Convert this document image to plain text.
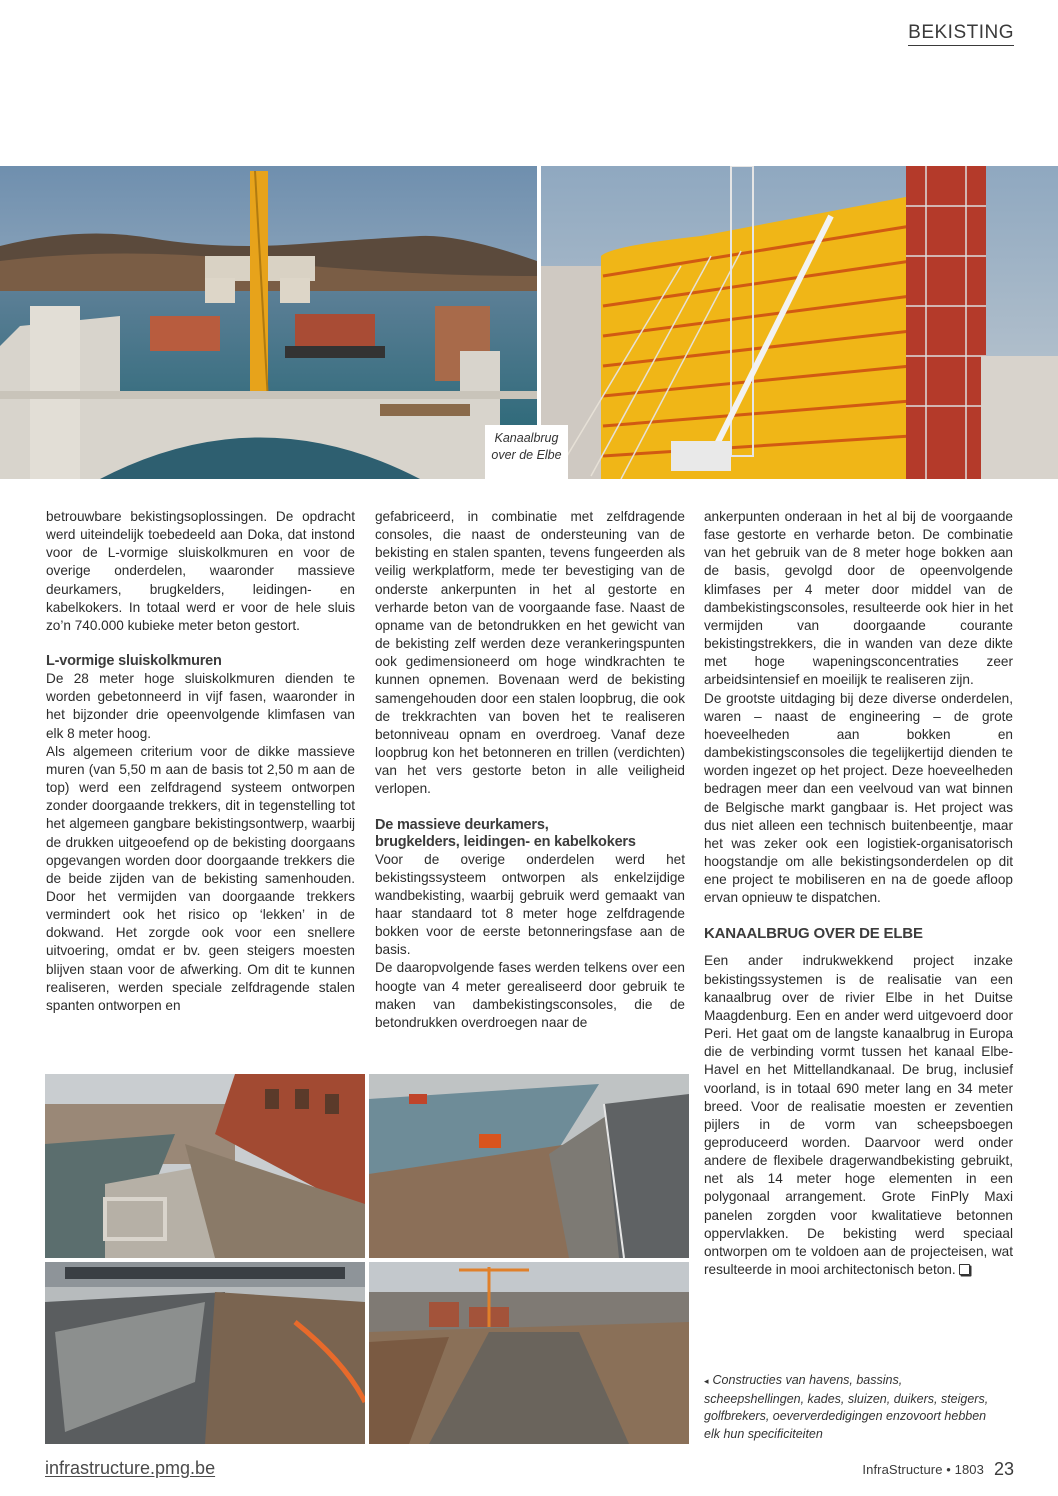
BEKISTING
Kanaalbrug
over de Elbe

betrouwbare bekistingsoplossingen. De opdracht werd uiteindelijk toebedeeld aan Doka, dat instond voor de L-vormige sluiskolkmuren en voor de overige onderdelen, waaronder massieve deurkamers, brugkelders, leidingen- en kabelkokers. In totaal werd er voor de hele sluis zo’n 740.000 kubieke meter beton gestort.

L-vormige sluiskolkmuren

De 28 meter hoge sluiskolkmuren dienden te worden gebetonneerd in vijf fasen, waaronder in het bijzonder drie opeenvolgende klimfasen van elk 8 meter hoog.

Als algemeen criterium voor de dikke massieve muren (van 5,50 m aan de basis tot 2,50 m aan de top) werd een zelfdragend systeem ontworpen zonder doorgaande trekkers, dit in tegenstelling tot het algemeen gangbare bekistingsontwerp, waarbij de drukken uitgeoefend op de bekisting doorgaans opgevangen worden door doorgaande trekkers die de beide zijden van de bekisting samenhouden. Door het vermijden van doorgaande trekkers vermindert ook het risico op ‘lekken’ in de dokwand. Het zorgde ook voor een snellere uitvoering, omdat er bv. geen steigers moesten blijven staan voor de afwerking. Om dit te kunnen realiseren, werden speciale zelfdragende stalen spanten ontworpen en

gefabriceerd, in combinatie met zelfdragende consoles, die naast de ondersteuning van de bekisting en stalen spanten, tevens fungeerden als veilig werkplatform, mede ter bevestiging van de onderste ankerpunten in het al gestorte en verharde beton van de voorgaande fase. Naast de opname van de betondrukken en het gewicht van de bekisting zelf werden deze verankeringspunten ook gedimensioneerd om hoge windkrachten te kunnen opnemen. Bovenaan werd de bekisting samengehouden door een stalen loopbrug, die ook de trekkrachten van boven het te realiseren betonniveau opnam en overdroeg. Vanaf deze loopbrug kon het betonneren en trillen (verdichten) van het vers gestorte beton in alle veiligheid verlopen.

De massieve deurkamers,
brugkelders, leidingen- en kabelkokers

Voor de overige onderdelen werd het bekistingssysteem ontworpen als enkelzijdige wandbekisting, waarbij gebruik werd gemaakt van haar standaard tot 8 meter hoge zelfdragende bokken voor de eerste betonneringsfase aan de basis.

De daaropvolgende fases werden telkens over een hoogte van 4 meter gerealiseerd door gebruik te maken van dambekistingsconsoles, die de betondrukken overdroegen naar de

ankerpunten onderaan in het al bij de voorgaande fase gestorte en verharde beton. De combinatie van het gebruik van de 8 meter hoge bokken aan de basis, gevolgd door de opeenvolgende klimfases per 4 meter door middel van de dambekistingsconsoles, resulteerde ook hier in het vermijden van doorgaande courante bekistingstrekkers, die in wanden van deze dikte met hoge wapeningsconcentraties zeer arbeidsintensief en moeilijk te realiseren zijn.

De grootste uitdaging bij deze diverse onderdelen, waren – naast de engineering – de grote hoeveelheden aan bokken en dambekistingsconsoles die tegelijkertijd dienden te worden ingezet op het project. Deze hoeveelheden bedragen meer dan een veelvoud van wat binnen de Belgische markt gangbaar is. Het project was dus niet alleen een technisch buitenbeentje, maar het was zeker ook een logistiek-organisatorisch hoogstandje om alle bekistingsonderdelen op dit ene project te mobiliseren en na de goede afloop ervan opnieuw te dispatchen.

KANAALBRUG OVER DE ELBE

Een ander indrukwekkend project inzake bekistingssystemen is de realisatie van een kanaalbrug over de rivier Elbe in het Duitse Maagdenburg. Een en ander werd uitgevoerd door Peri. Het gaat om de langste kanaalbrug in Europa die de verbinding vormt tussen het kanaal Elbe-Havel en het Mittellandkanaal. De brug, inclusief voorland, is in totaal 690 meter lang en 34 meter breed. Voor de realisatie moesten er zeventien pijlers in de vorm van scheepsboegen geproduceerd worden. Daarvoor werd onder andere de flexibele dragerwandbekisting gebruikt, net als 14 meter hoge elementen in een polygonaal arrangement. Grote FinPly Maxi panelen zorgden voor kwalitatieve betonnen oppervlakken. De bekisting werd speciaal ontworpen om te voldoen aan de projecteisen, wat resulteerde in mooi architectonisch beton.

◂ Constructies van havens, bassins, scheepshellingen, kades, sluizen, duikers, steigers, golfbrekers, oeververdedigingen enzovoort hebben elk hun specificiteiten
infrastructure.pmg.be	InfraStructure • 1803 23
